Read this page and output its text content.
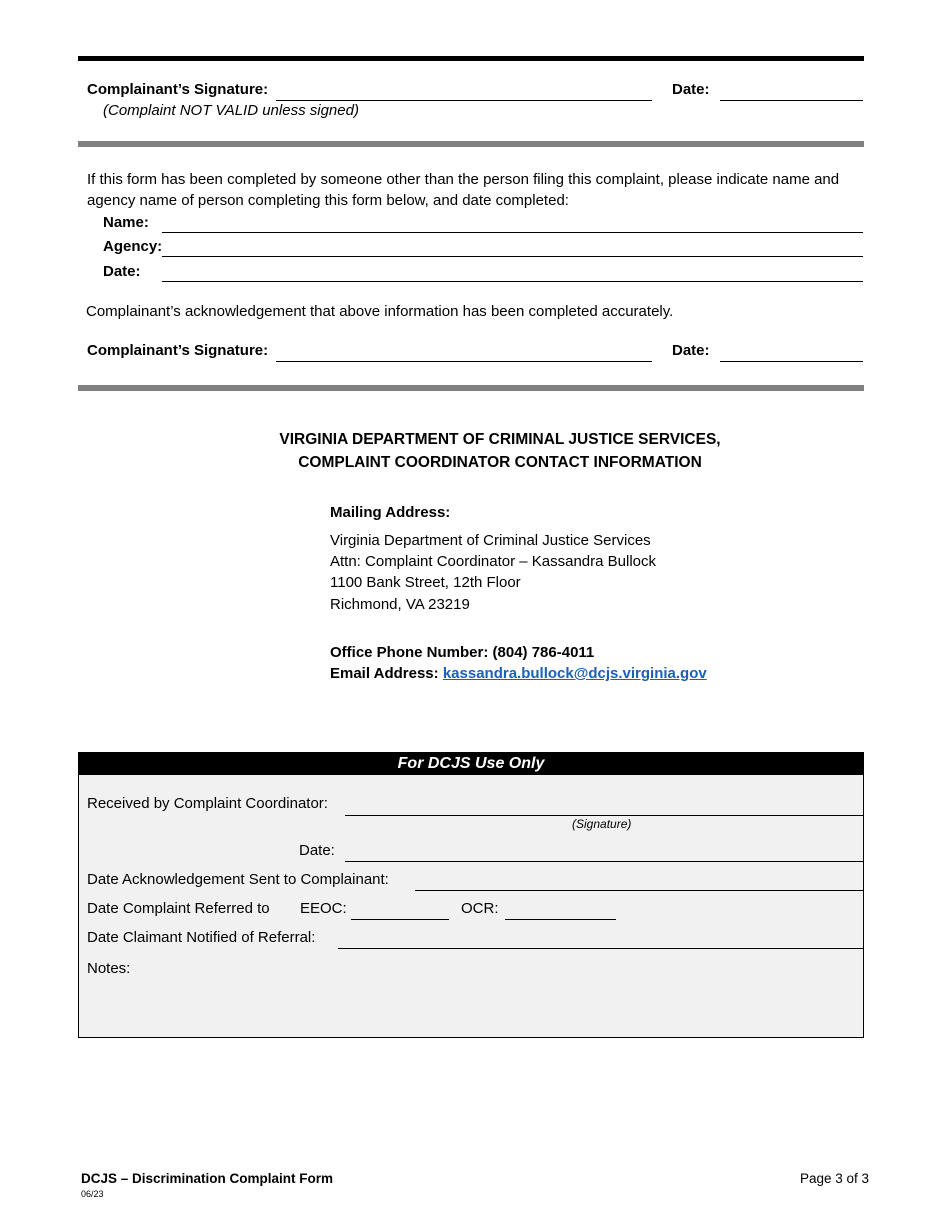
Complainant’s Signature:	Date:
(Complaint NOT VALID unless signed)
If this form has been completed by someone other than the person filing this complaint, please indicate name and agency name of person completing this form below, and date completed:
Name:
Agency:
Date:
Complainant’s acknowledgement that above information has been completed accurately.
Complainant’s Signature:	Date:
VIRGINIA DEPARTMENT OF CRIMINAL JUSTICE SERVICES,
COMPLAINT COORDINATOR CONTACT INFORMATION
Mailing Address:
Virginia Department of Criminal Justice Services
Attn: Complaint Coordinator – Kassandra Bullock
1100 Bank Street, 12th Floor
Richmond, VA 23219
Office Phone Number: (804) 786-4011
Email Address: kassandra.bullock@dcjs.virginia.gov
For DCJS Use Only
Received by Complaint Coordinator:
(Signature)
Date:
Date Acknowledgement Sent to Complainant:
Date Complaint Referred to EEOC:	OCR:
Date Claimant Notified of Referral:
Notes:
DCJS – Discrimination Complaint Form
06/23
Page 3 of 3
